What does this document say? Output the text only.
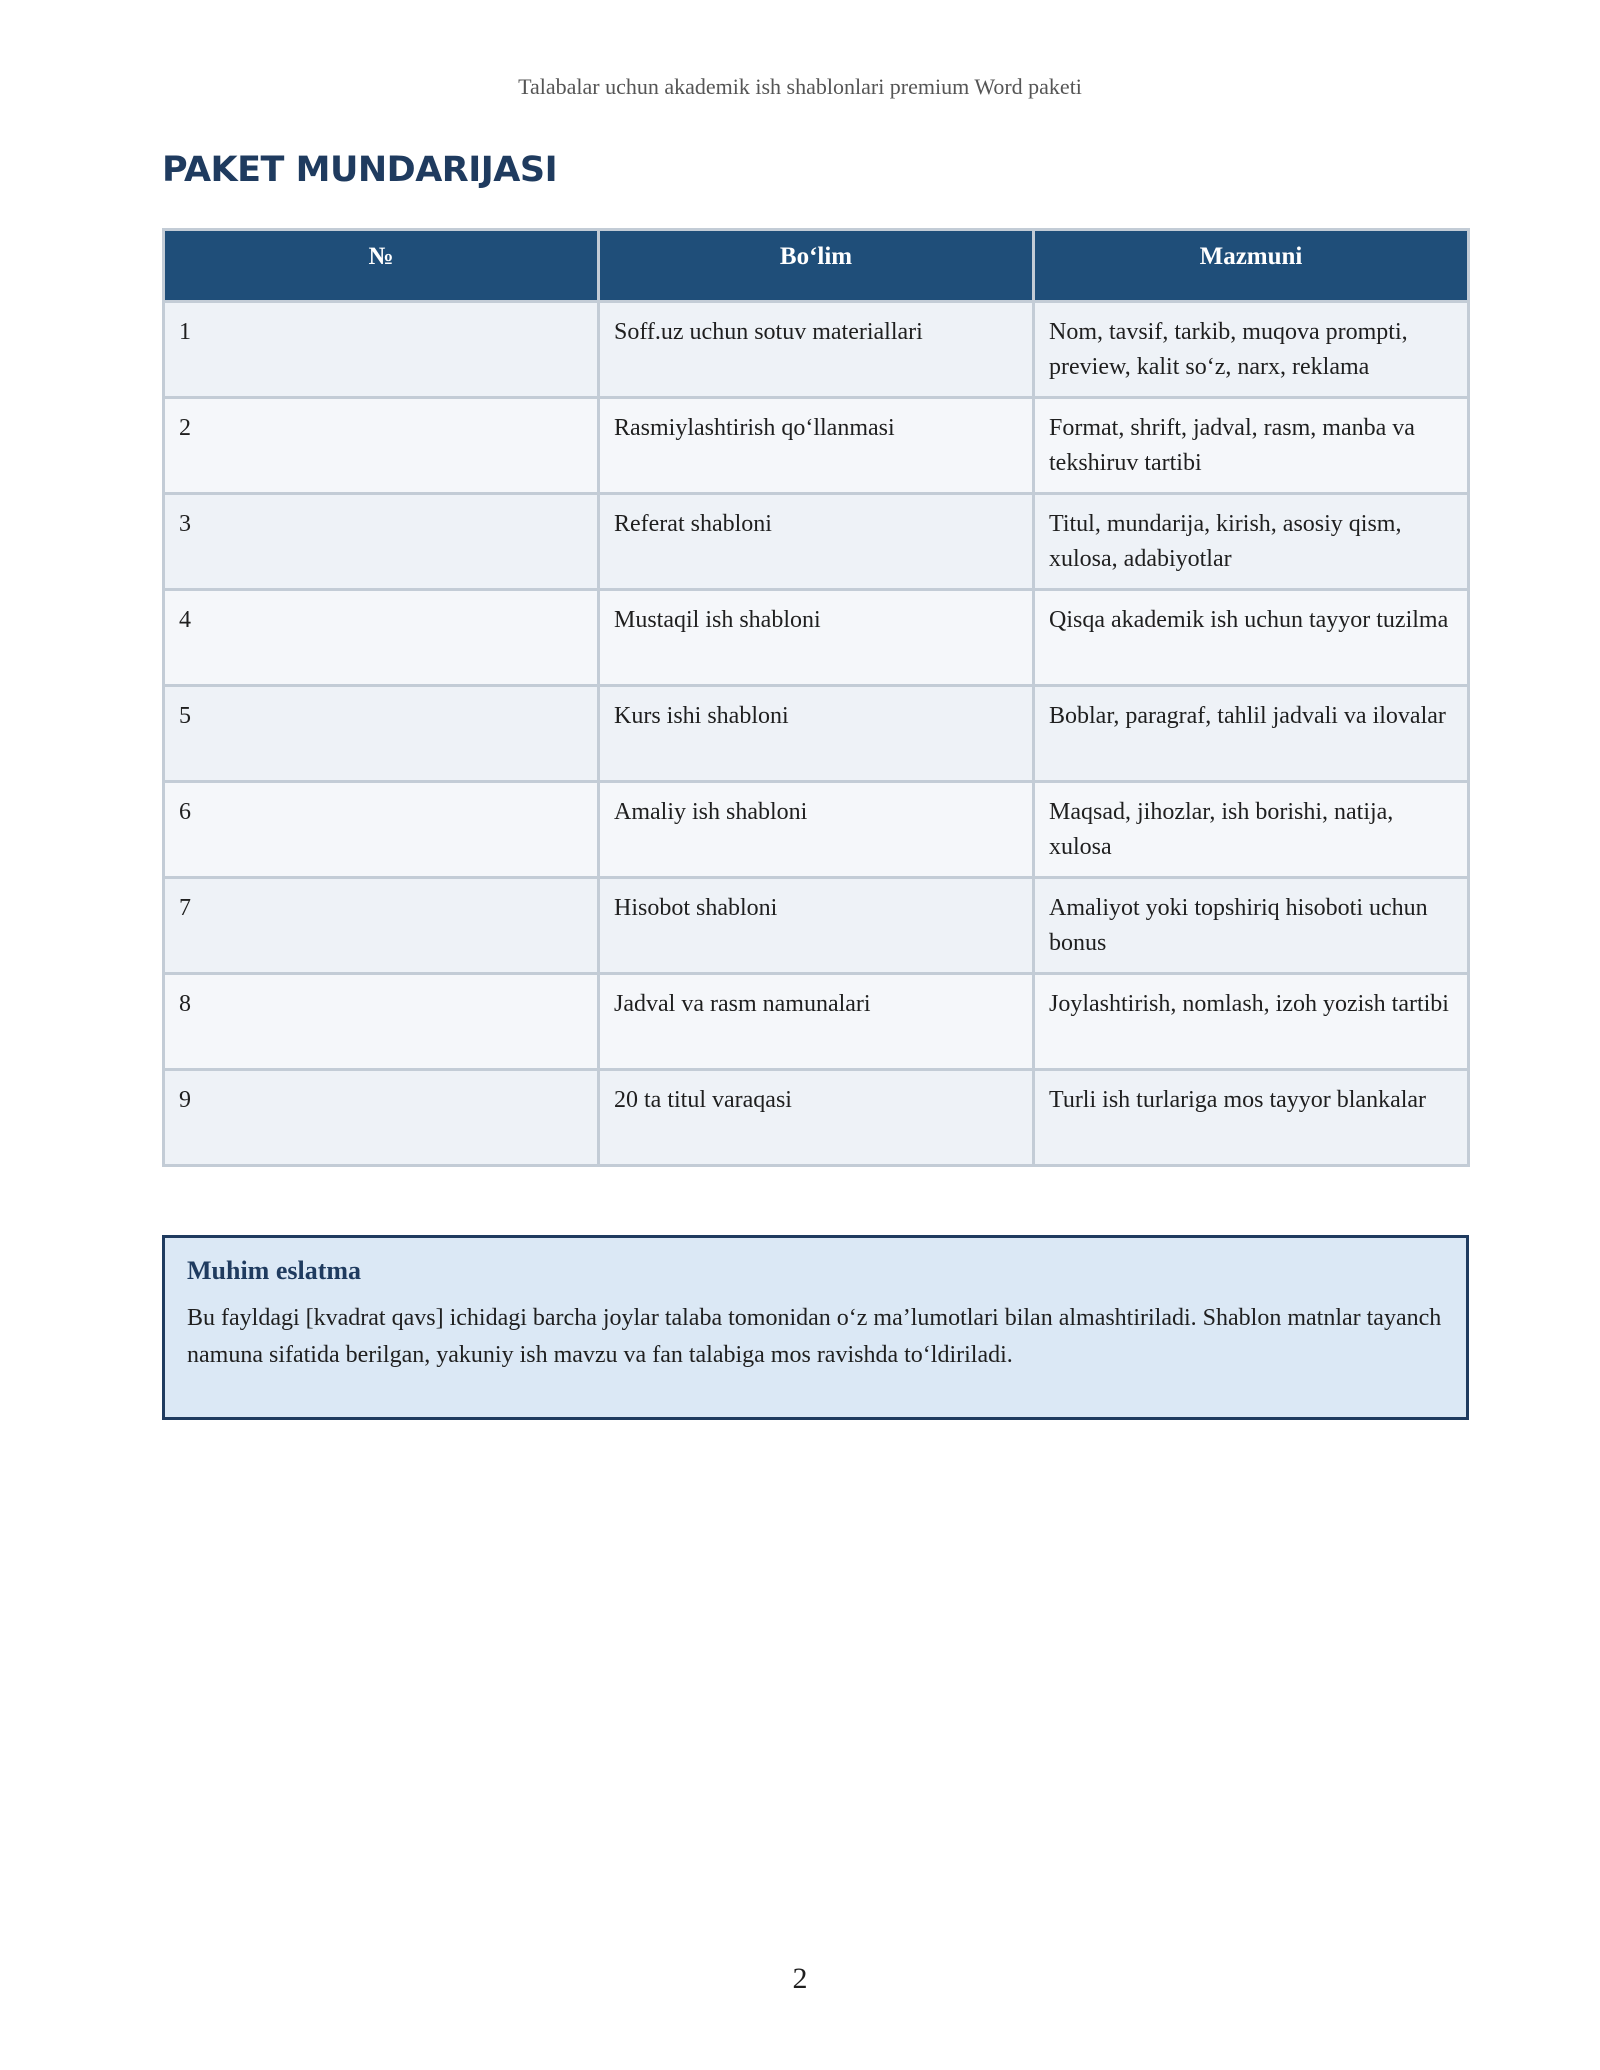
Talabalar uchun akademik ish shablonlari premium Word paketi
PAKET MUNDARIJASI
№	Bo‘lim	Mazmuni
1	Soff.uz uchun sotuv materiallari	Nom, tavsif, tarkib, muqova prompti, preview, kalit so‘z, narx, reklama
2	Rasmiylashtirish qo‘llanmasi	Format, shrift, jadval, rasm, manba va tekshiruv tartibi
3	Referat shabloni	Titul, mundarija, kirish, asosiy qism, xulosa, adabiyotlar
4	Mustaqil ish shabloni	Qisqa akademik ish uchun tayyor tuzilma
5	Kurs ishi shabloni	Boblar, paragraf, tahlil jadvali va ilovalar
6	Amaliy ish shabloni	Maqsad, jihozlar, ish borishi, natija, xulosa
7	Hisobot shabloni	Amaliyot yoki topshiriq hisoboti uchun bonus
8	Jadval va rasm namunalari	Joylashtirish, nomlash, izoh yozish tartibi
9	20 ta titul varaqasi	Turli ish turlariga mos tayyor blankalar

Muhim eslatma

Bu fayldagi [kvadrat qavs] ichidagi barcha joylar talaba tomonidan o‘z ma’lumotlari bilan almashtiriladi. Shablon matnlar tayanch namuna sifatida berilgan, yakuniy ish mavzu va fan talabiga mos ravishda to‘ldiriladi.

2
